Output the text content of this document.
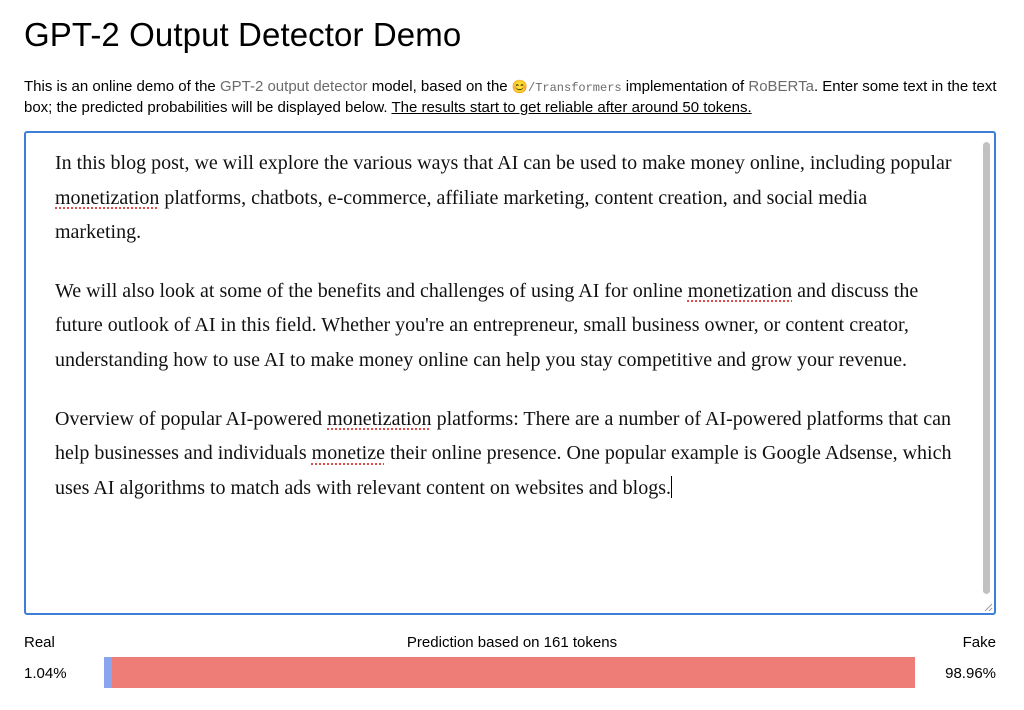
GPT-2 Output Detector Demo
This is an online demo of the GPT-2 output detector model, based on the 😊/Transformers implementation of RoBERTa. Enter some text in the text box; the predicted probabilities will be displayed below. The results start to get reliable after around 50 tokens.

In this blog post, we will explore the various ways that AI can be used to make money online, including popular monetization platforms, chatbots, e-commerce, affiliate marketing, content creation, and social media marketing.

We will also look at some of the benefits and challenges of using AI for online monetization and discuss the future outlook of AI in this field. Whether you're an entrepreneur, small business owner, or content creator, understanding how to use AI to make money online can help you stay competitive and grow your revenue.

Overview of popular AI-powered monetization platforms: There are a number of AI-powered platforms that can help businesses and individuals monetize their online presence. One popular example is Google Adsense, which uses AI algorithms to match ads with relevant content on websites and blogs.

Real	Prediction based on 161 tokens	Fake
1.04%	98.96%
